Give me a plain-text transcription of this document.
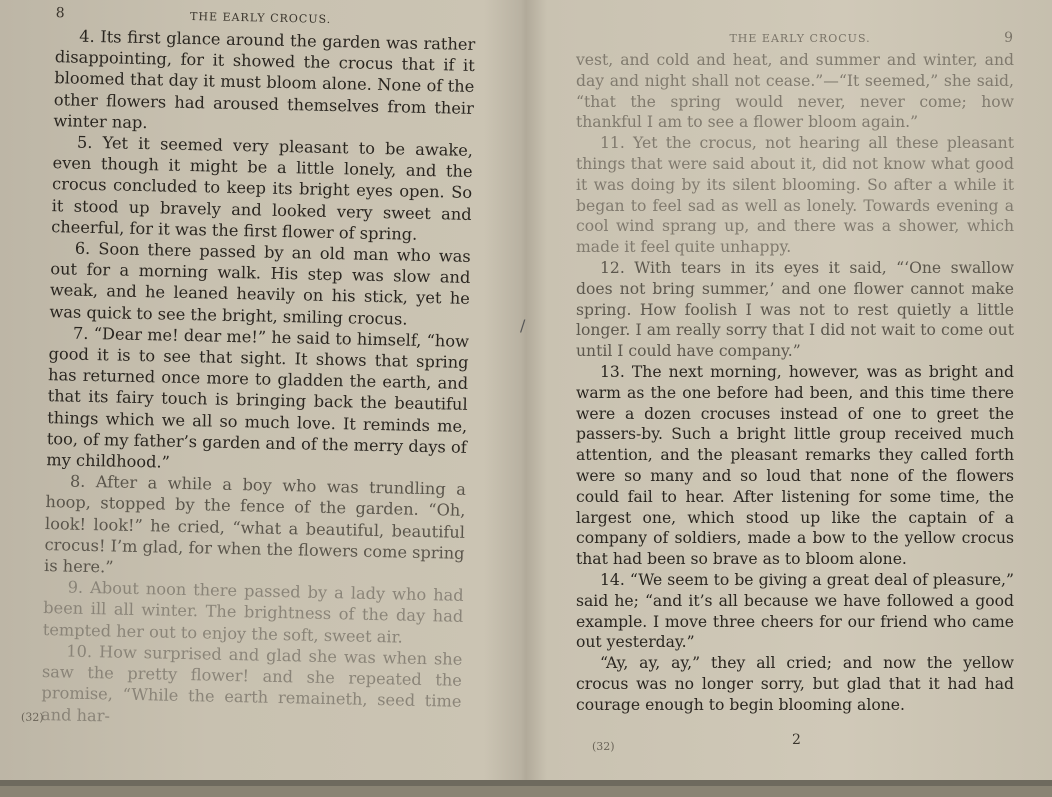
8	THE EARLY CROCUS.

4. Its first glance around the garden was rather disappointing, for it showed the crocus that if it bloomed that day it must bloom alone. None of the other flowers had aroused themselves from their winter nap.

5. Yet it seemed very pleasant to be awake, even though it might be a little lonely, and the crocus concluded to keep its bright eyes open. So it stood up bravely and looked very sweet and cheerful, for it was the first flower of spring.

6. Soon there passed by an old man who was out for a morning walk. His step was slow and weak, and he leaned heavily on his stick, yet he was quick to see the bright, smiling crocus.

7. “Dear me! dear me!” he said to himself, “how good it is to see that sight. It shows that spring has returned once more to gladden the earth, and that its fairy touch is bringing back the beautiful things which we all so much love. It reminds me, too, of my father’s garden and of the merry days of my childhood.”

8. After a while a boy who was trundling a hoop, stopped by the fence of the garden. “Oh, look! look!” he cried, “what a beautiful, beautiful crocus! I’m glad, for when the flowers come spring is here.”

9. About noon there passed by a lady who had been ill all winter. The brightness of the day had tempted her out to enjoy the soft, sweet air.

10. How surprised and glad she was when she saw the pretty flower! and she repeated the promise, “While the earth remaineth, seed time and har-

(32)
/
THE EARLY CROCUS.	9

vest, and cold and heat, and summer and winter, and day and night shall not cease.”—“It seemed,” she said, “that the spring would never, never come; how thankful I am to see a flower bloom again.”

11. Yet the crocus, not hearing all these pleasant things that were said about it, did not know what good it was doing by its silent blooming. So after a while it began to feel sad as well as lonely. Towards evening a cool wind sprang up, and there was a shower, which made it feel quite unhappy.

12. With tears in its eyes it said, “‘One swallow does not bring summer,’ and one flower cannot make spring. How foolish I was not to rest quietly a little longer. I am really sorry that I did not wait to come out until I could have company.”

13. The next morning, however, was as bright and warm as the one before had been, and this time there were a dozen crocuses instead of one to greet the passers-by. Such a bright little group received much attention, and the pleasant remarks they called forth were so many and so loud that none of the flowers could fail to hear. After listening for some time, the largest one, which stood up like the captain of a company of soldiers, made a bow to the yellow crocus that had been so brave as to bloom alone.

14. “We seem to be giving a great deal of pleasure,” said he; “and it’s all because we have followed a good example. I move three cheers for our friend who came out yesterday.”

“Ay, ay, ay,” they all cried; and now the yellow crocus was no longer sorry, but glad that it had had courage enough to begin blooming alone.

(32)	2
